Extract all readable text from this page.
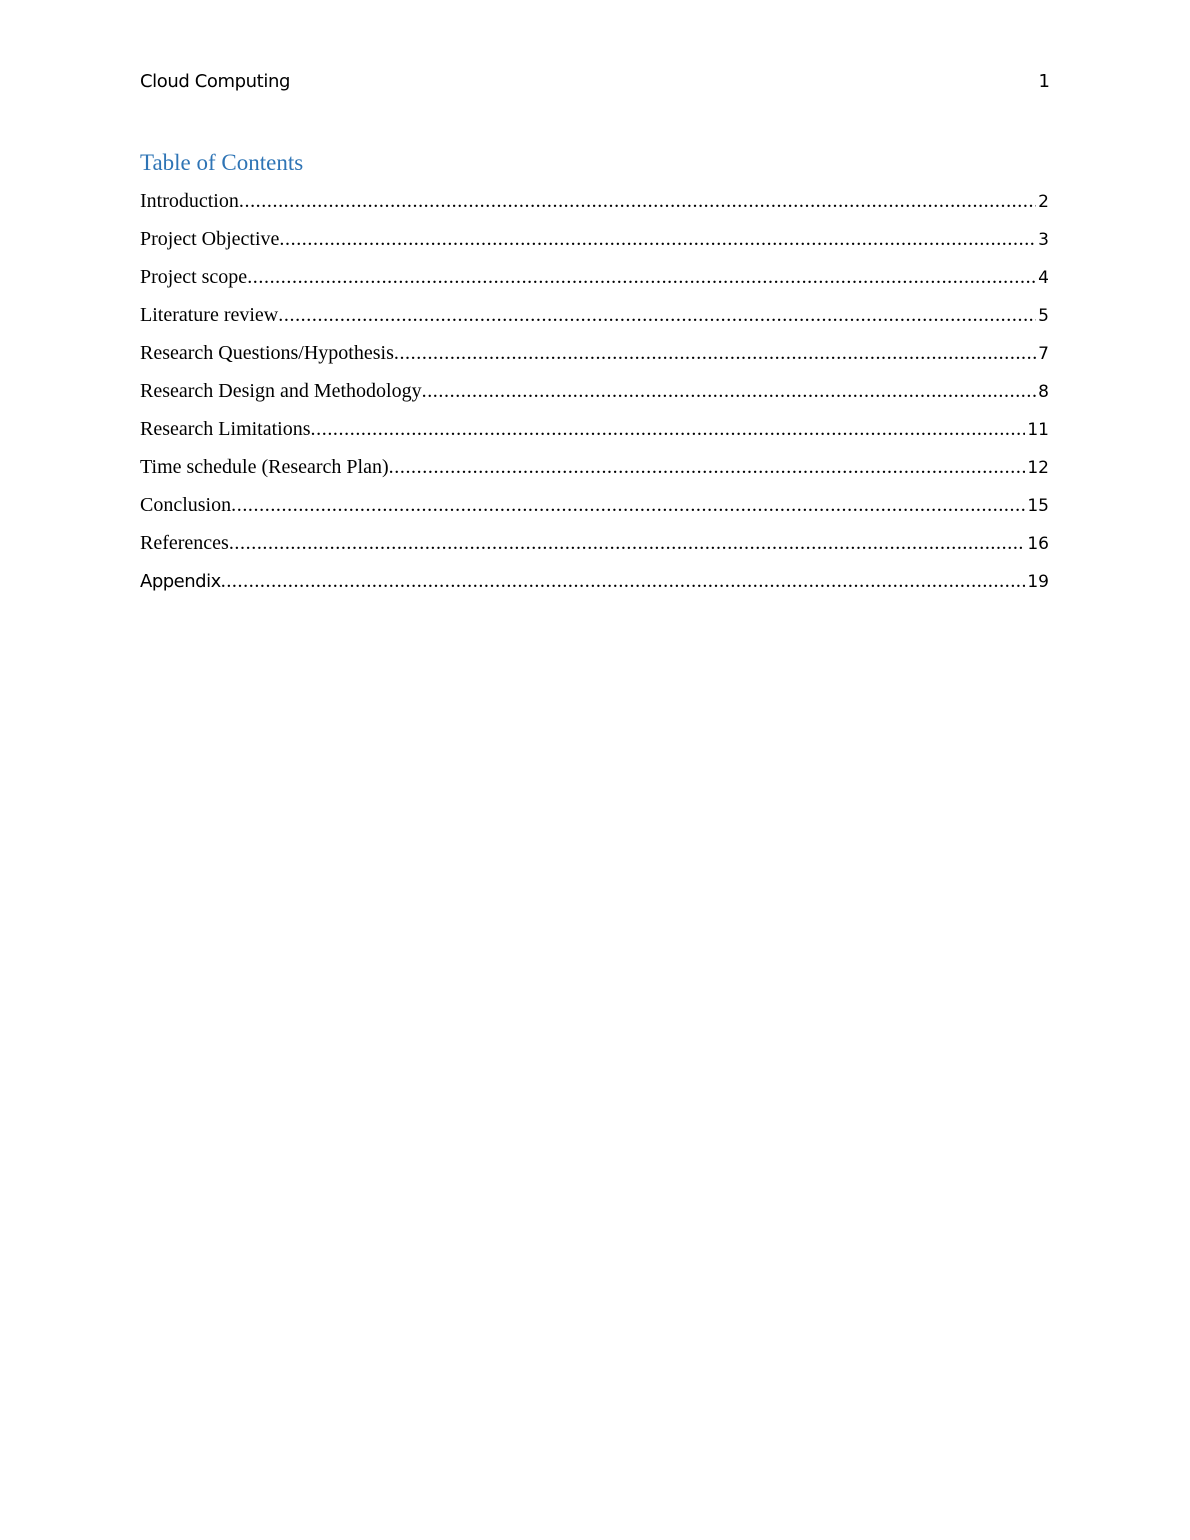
Cloud Computing	1
Table of Contents
Introduction .....	2
Project Objective .....	3
Project scope .....	4
Literature review .....	5
Research Questions/Hypothesis .....	7
Research Design and Methodology .....	8
Research Limitations .....	11
Time schedule (Research Plan) .....	12
Conclusion .....	15
References .....	16
Appendix .....	19
